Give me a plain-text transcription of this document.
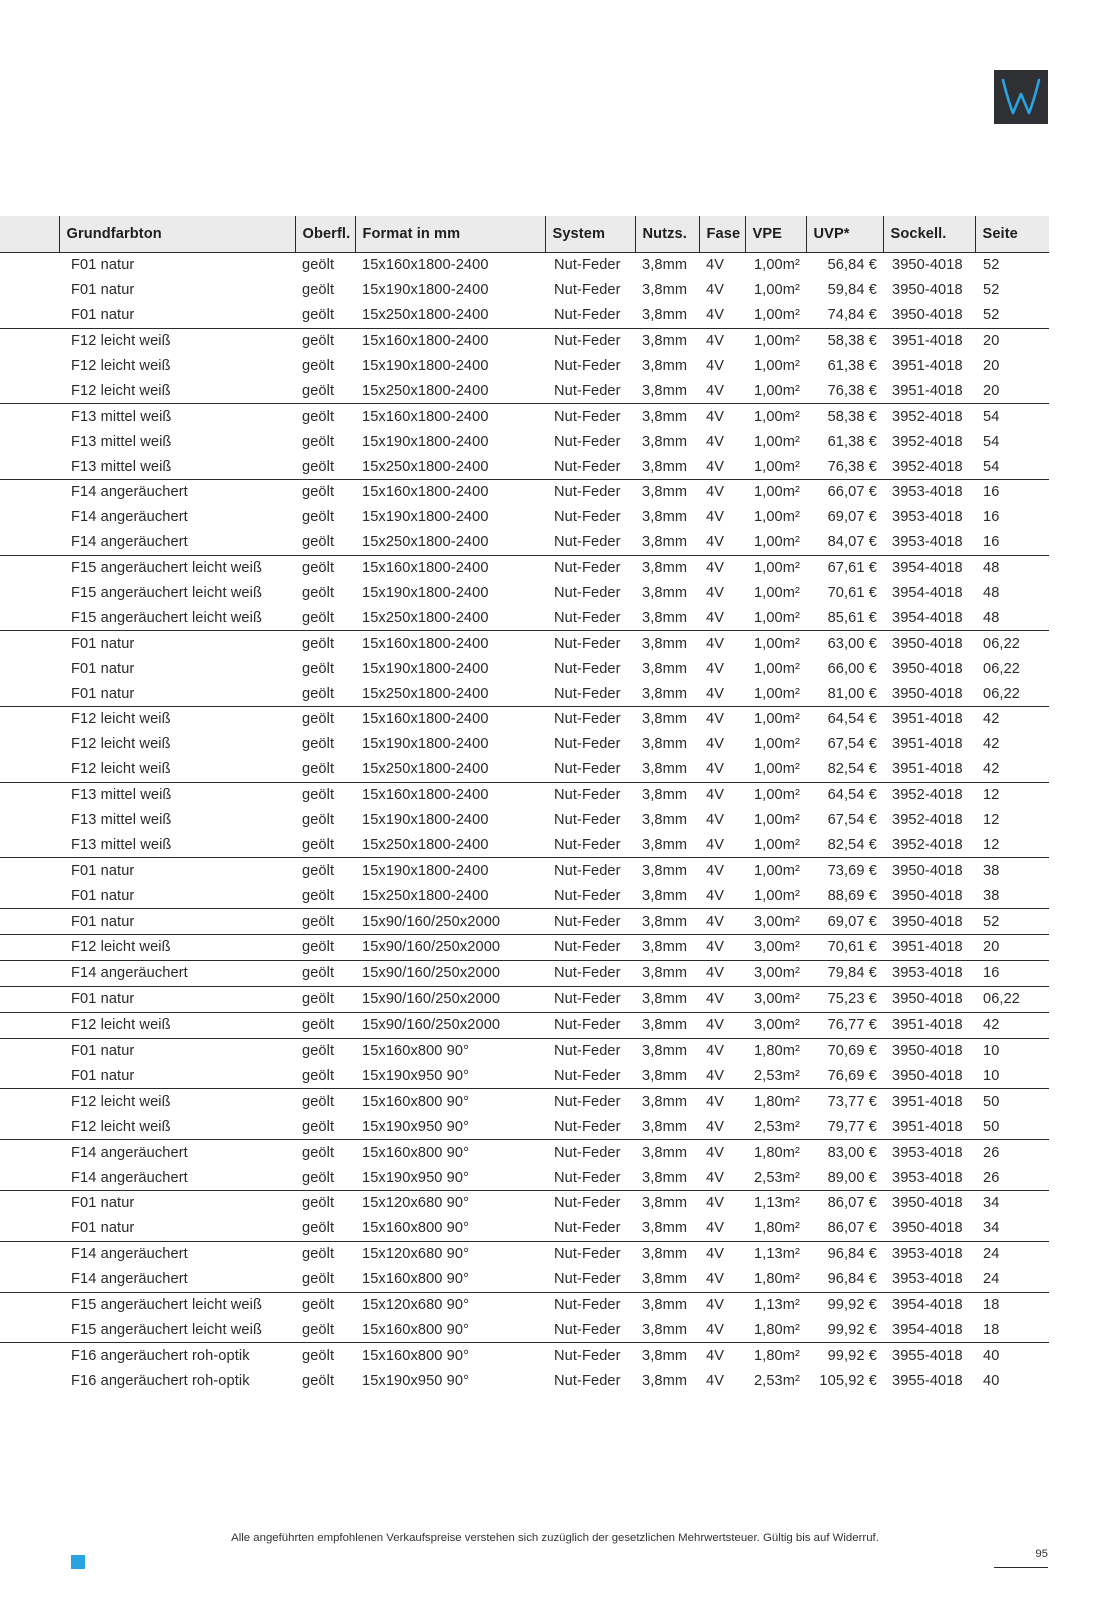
	Grundfarbton	Oberfl.	Format in mm	System	Nutzs.	Fase	VPE	UVP*	Sockell.	Seite
	F01 natur	geölt	15x160x1800-2400	Nut-Feder	3,8mm	4V	1,00m²	56,84 €	3950-4018	52
	F01 natur	geölt	15x190x1800-2400	Nut-Feder	3,8mm	4V	1,00m²	59,84 €	3950-4018	52
	F01 natur	geölt	15x250x1800-2400	Nut-Feder	3,8mm	4V	1,00m²	74,84 €	3950-4018	52
	F12 leicht weiß	geölt	15x160x1800-2400	Nut-Feder	3,8mm	4V	1,00m²	58,38 €	3951-4018	20
	F12 leicht weiß	geölt	15x190x1800-2400	Nut-Feder	3,8mm	4V	1,00m²	61,38 €	3951-4018	20
	F12 leicht weiß	geölt	15x250x1800-2400	Nut-Feder	3,8mm	4V	1,00m²	76,38 €	3951-4018	20
	F13 mittel weiß	geölt	15x160x1800-2400	Nut-Feder	3,8mm	4V	1,00m²	58,38 €	3952-4018	54
	F13 mittel weiß	geölt	15x190x1800-2400	Nut-Feder	3,8mm	4V	1,00m²	61,38 €	3952-4018	54
	F13 mittel weiß	geölt	15x250x1800-2400	Nut-Feder	3,8mm	4V	1,00m²	76,38 €	3952-4018	54
	F14 angeräuchert	geölt	15x160x1800-2400	Nut-Feder	3,8mm	4V	1,00m²	66,07 €	3953-4018	16
	F14 angeräuchert	geölt	15x190x1800-2400	Nut-Feder	3,8mm	4V	1,00m²	69,07 €	3953-4018	16
	F14 angeräuchert	geölt	15x250x1800-2400	Nut-Feder	3,8mm	4V	1,00m²	84,07 €	3953-4018	16
	F15 angeräuchert leicht weiß	geölt	15x160x1800-2400	Nut-Feder	3,8mm	4V	1,00m²	67,61 €	3954-4018	48
	F15 angeräuchert leicht weiß	geölt	15x190x1800-2400	Nut-Feder	3,8mm	4V	1,00m²	70,61 €	3954-4018	48
	F15 angeräuchert leicht weiß	geölt	15x250x1800-2400	Nut-Feder	3,8mm	4V	1,00m²	85,61 €	3954-4018	48
	F01 natur	geölt	15x160x1800-2400	Nut-Feder	3,8mm	4V	1,00m²	63,00 €	3950-4018	06,22
	F01 natur	geölt	15x190x1800-2400	Nut-Feder	3,8mm	4V	1,00m²	66,00 €	3950-4018	06,22
	F01 natur	geölt	15x250x1800-2400	Nut-Feder	3,8mm	4V	1,00m²	81,00 €	3950-4018	06,22
	F12 leicht weiß	geölt	15x160x1800-2400	Nut-Feder	3,8mm	4V	1,00m²	64,54 €	3951-4018	42
	F12 leicht weiß	geölt	15x190x1800-2400	Nut-Feder	3,8mm	4V	1,00m²	67,54 €	3951-4018	42
	F12 leicht weiß	geölt	15x250x1800-2400	Nut-Feder	3,8mm	4V	1,00m²	82,54 €	3951-4018	42
	F13 mittel weiß	geölt	15x160x1800-2400	Nut-Feder	3,8mm	4V	1,00m²	64,54 €	3952-4018	12
	F13 mittel weiß	geölt	15x190x1800-2400	Nut-Feder	3,8mm	4V	1,00m²	67,54 €	3952-4018	12
	F13 mittel weiß	geölt	15x250x1800-2400	Nut-Feder	3,8mm	4V	1,00m²	82,54 €	3952-4018	12
	F01 natur	geölt	15x190x1800-2400	Nut-Feder	3,8mm	4V	1,00m²	73,69 €	3950-4018	38
	F01 natur	geölt	15x250x1800-2400	Nut-Feder	3,8mm	4V	1,00m²	88,69 €	3950-4018	38
	F01 natur	geölt	15x90/160/250x2000	Nut-Feder	3,8mm	4V	3,00m²	69,07 €	3950-4018	52
	F12 leicht weiß	geölt	15x90/160/250x2000	Nut-Feder	3,8mm	4V	3,00m²	70,61 €	3951-4018	20
	F14 angeräuchert	geölt	15x90/160/250x2000	Nut-Feder	3,8mm	4V	3,00m²	79,84 €	3953-4018	16
	F01 natur	geölt	15x90/160/250x2000	Nut-Feder	3,8mm	4V	3,00m²	75,23 €	3950-4018	06,22
	F12 leicht weiß	geölt	15x90/160/250x2000	Nut-Feder	3,8mm	4V	3,00m²	76,77 €	3951-4018	42
	F01 natur	geölt	15x160x800 90°	Nut-Feder	3,8mm	4V	1,80m²	70,69 €	3950-4018	10
	F01 natur	geölt	15x190x950 90°	Nut-Feder	3,8mm	4V	2,53m²	76,69 €	3950-4018	10
	F12 leicht weiß	geölt	15x160x800 90°	Nut-Feder	3,8mm	4V	1,80m²	73,77 €	3951-4018	50
	F12 leicht weiß	geölt	15x190x950 90°	Nut-Feder	3,8mm	4V	2,53m²	79,77 €	3951-4018	50
	F14 angeräuchert	geölt	15x160x800 90°	Nut-Feder	3,8mm	4V	1,80m²	83,00 €	3953-4018	26
	F14 angeräuchert	geölt	15x190x950 90°	Nut-Feder	3,8mm	4V	2,53m²	89,00 €	3953-4018	26
	F01 natur	geölt	15x120x680 90°	Nut-Feder	3,8mm	4V	1,13m²	86,07 €	3950-4018	34
	F01 natur	geölt	15x160x800 90°	Nut-Feder	3,8mm	4V	1,80m²	86,07 €	3950-4018	34
	F14 angeräuchert	geölt	15x120x680 90°	Nut-Feder	3,8mm	4V	1,13m²	96,84 €	3953-4018	24
	F14 angeräuchert	geölt	15x160x800 90°	Nut-Feder	3,8mm	4V	1,80m²	96,84 €	3953-4018	24
	F15 angeräuchert leicht weiß	geölt	15x120x680 90°	Nut-Feder	3,8mm	4V	1,13m²	99,92 €	3954-4018	18
	F15 angeräuchert leicht weiß	geölt	15x160x800 90°	Nut-Feder	3,8mm	4V	1,80m²	99,92 €	3954-4018	18
	F16 angeräuchert roh-optik	geölt	15x160x800 90°	Nut-Feder	3,8mm	4V	1,80m²	99,92 €	3955-4018	40
	F16 angeräuchert roh-optik	geölt	15x190x950 90°	Nut-Feder	3,8mm	4V	2,53m²	105,92 €	3955-4018	40

Alle angeführten empfohlenen Verkaufspreise verstehen sich zuzüglich der gesetzlichen Mehrwertsteuer. Gültig bis auf Widerruf.

95
